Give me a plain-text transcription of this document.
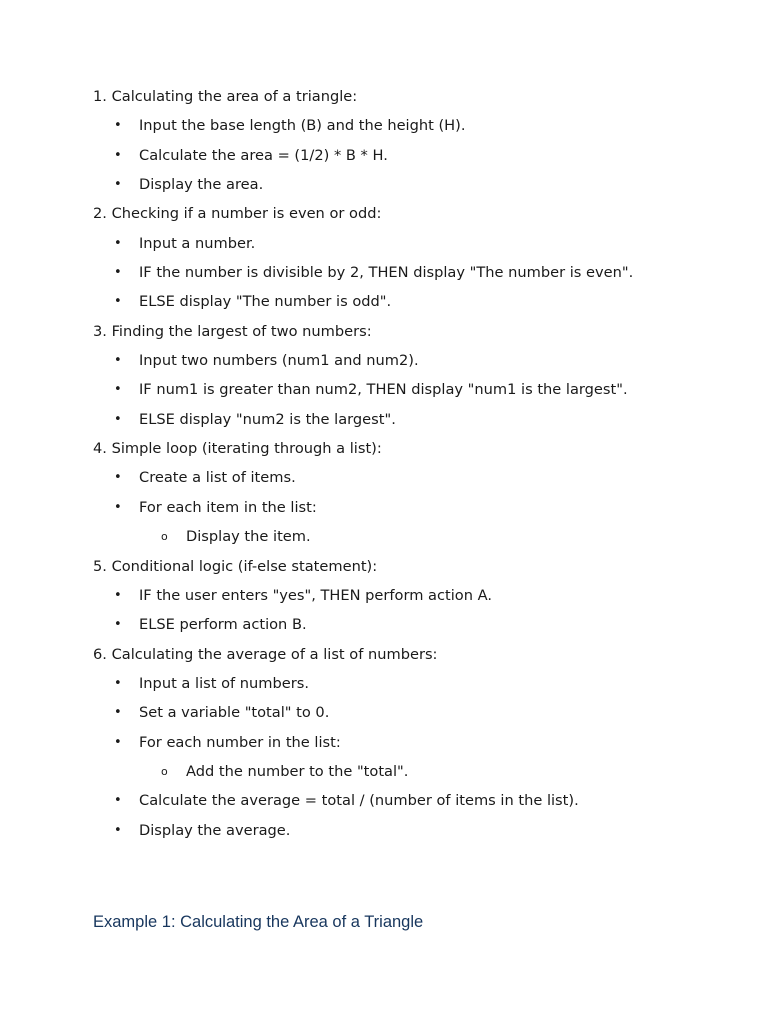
1. Calculating the area of a triangle:
• Input the base length (B) and the height (H).
• Calculate the area = (1/2) * B * H.
• Display the area.
2. Checking if a number is even or odd:
• Input a number.
• IF the number is divisible by 2, THEN display "The number is even".
• ELSE display "The number is odd".
3. Finding the largest of two numbers:
• Input two numbers (num1 and num2).
• IF num1 is greater than num2, THEN display "num1 is the largest".
• ELSE display "num2 is the largest".
4. Simple loop (iterating through a list):
• Create a list of items.
• For each item in the list:
o Display the item.
5. Conditional logic (if-else statement):
• IF the user enters "yes", THEN perform action A.
• ELSE perform action B.
6. Calculating the average of a list of numbers:
• Input a list of numbers.
• Set a variable "total" to 0.
• For each number in the list:
o Add the number to the "total".
• Calculate the average = total / (number of items in the list).
• Display the average.
Example 1: Calculating the Area of a Triangle
